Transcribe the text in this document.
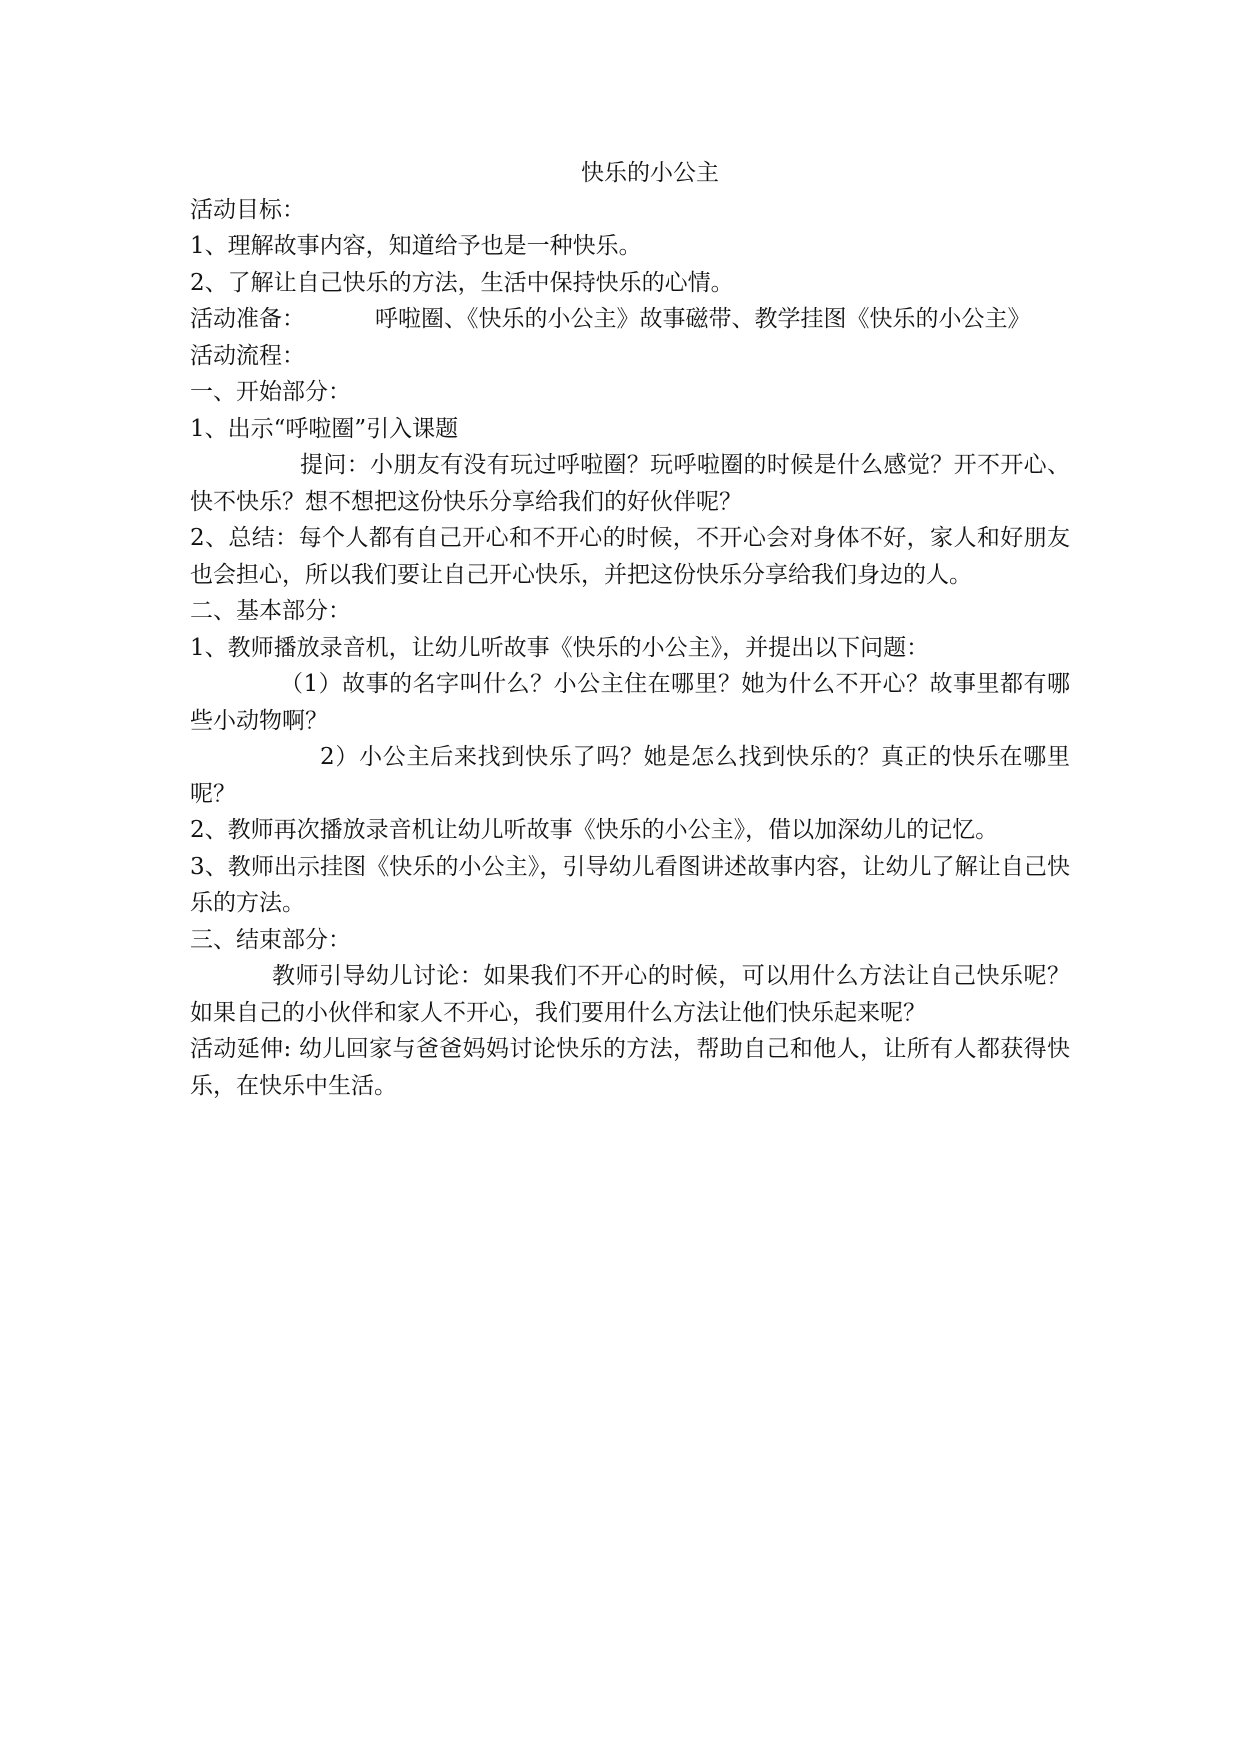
快乐的小公主

活动目标：

1、理解故事内容，知道给予也是一种快乐。

2、了解让自己快乐的方法，生活中保持快乐的心情。

活动准备：	呼啦圈、《快乐的小公主》故事磁带、教学挂图《快乐的小公主》

活动流程：

一、开始部分：

1、出示“呼啦圈”引入课题

提问：小朋友有没有玩过呼啦圈？玩呼啦圈的时候是什么感觉？开不开心、快不快乐？想不想把这份快乐分享给我们的好伙伴呢？

2、总结：每个人都有自己开心和不开心的时候，不开心会对身体不好，家人和好朋友也会担心，所以我们要让自己开心快乐，并把这份快乐分享给我们身边的人。

二、基本部分：

1、教师播放录音机，让幼儿听故事《快乐的小公主》，并提出以下问题：

（1）故事的名字叫什么？小公主住在哪里？她为什么不开心？故事里都有哪些小动物啊？

2）小公主后来找到快乐了吗？她是怎么找到快乐的？真正的快乐在哪里呢？

2、教师再次播放录音机让幼儿听故事《快乐的小公主》，借以加深幼儿的记忆。

3、教师出示挂图《快乐的小公主》，引导幼儿看图讲述故事内容，让幼儿了解让自己快乐的方法。

三、结束部分：

教师引导幼儿讨论：如果我们不开心的时候，可以用什么方法让自己快乐呢？如果自己的小伙伴和家人不开心，我们要用什么方法让他们快乐起来呢？

活动延伸: 幼儿回家与爸爸妈妈讨论快乐的方法，帮助自己和他人，让所有人都获得快乐，在快乐中生活。
